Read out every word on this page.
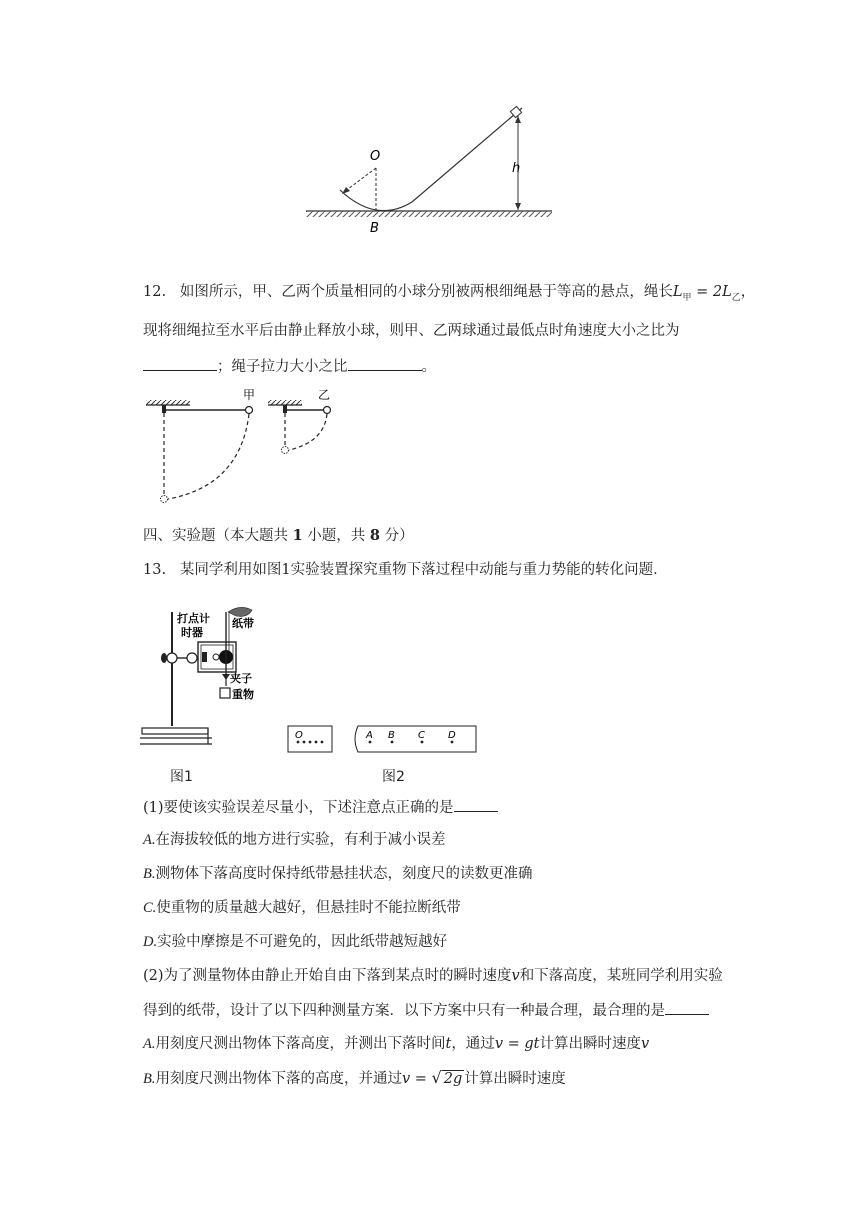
O
B
h
12. 如图所示，甲、乙两个质量相同的小球分别被两根细绳悬于等高的悬点，绳长$L_甲 = 2L_乙$，
现将细绳拉至水平后由静止释放小球，则甲、乙两球通过最低点时角速度大小之比为
；绳子拉力大小之比	。
甲	乙
四、实验题（本大题共 1 小题，共 8 分）
13. 某同学利用如图1实验装置探究重物下落过程中动能与重力势能的转化问题．
打点计
时器
纸带
夹子
重物
图1
O	A B C D
图2
(1)要使该实验误差尽量小，下述注意点正确的是
A.在海拔较低的地方进行实验，有利于减小误差
B.测物体下落高度时保持纸带悬挂状态，刻度尺的读数更准确
C.使重物的质量越大越好，但悬挂时不能拉断纸带
D.实验中摩擦是不可避免的，因此纸带越短越好
(2)为了测量物体由静止开始自由下落到某点时的瞬时速度v和下落高度，某班同学利用实验
得到的纸带，设计了以下四种测量方案．以下方案中只有一种最合理，最合理的是
A.用刻度尺测出物体下落高度，并测出下落时间t，通过v = gt计算出瞬时速度v
B.用刻度尺测出物体下落的高度，并通过v = √ 2g 计算出瞬时速度
